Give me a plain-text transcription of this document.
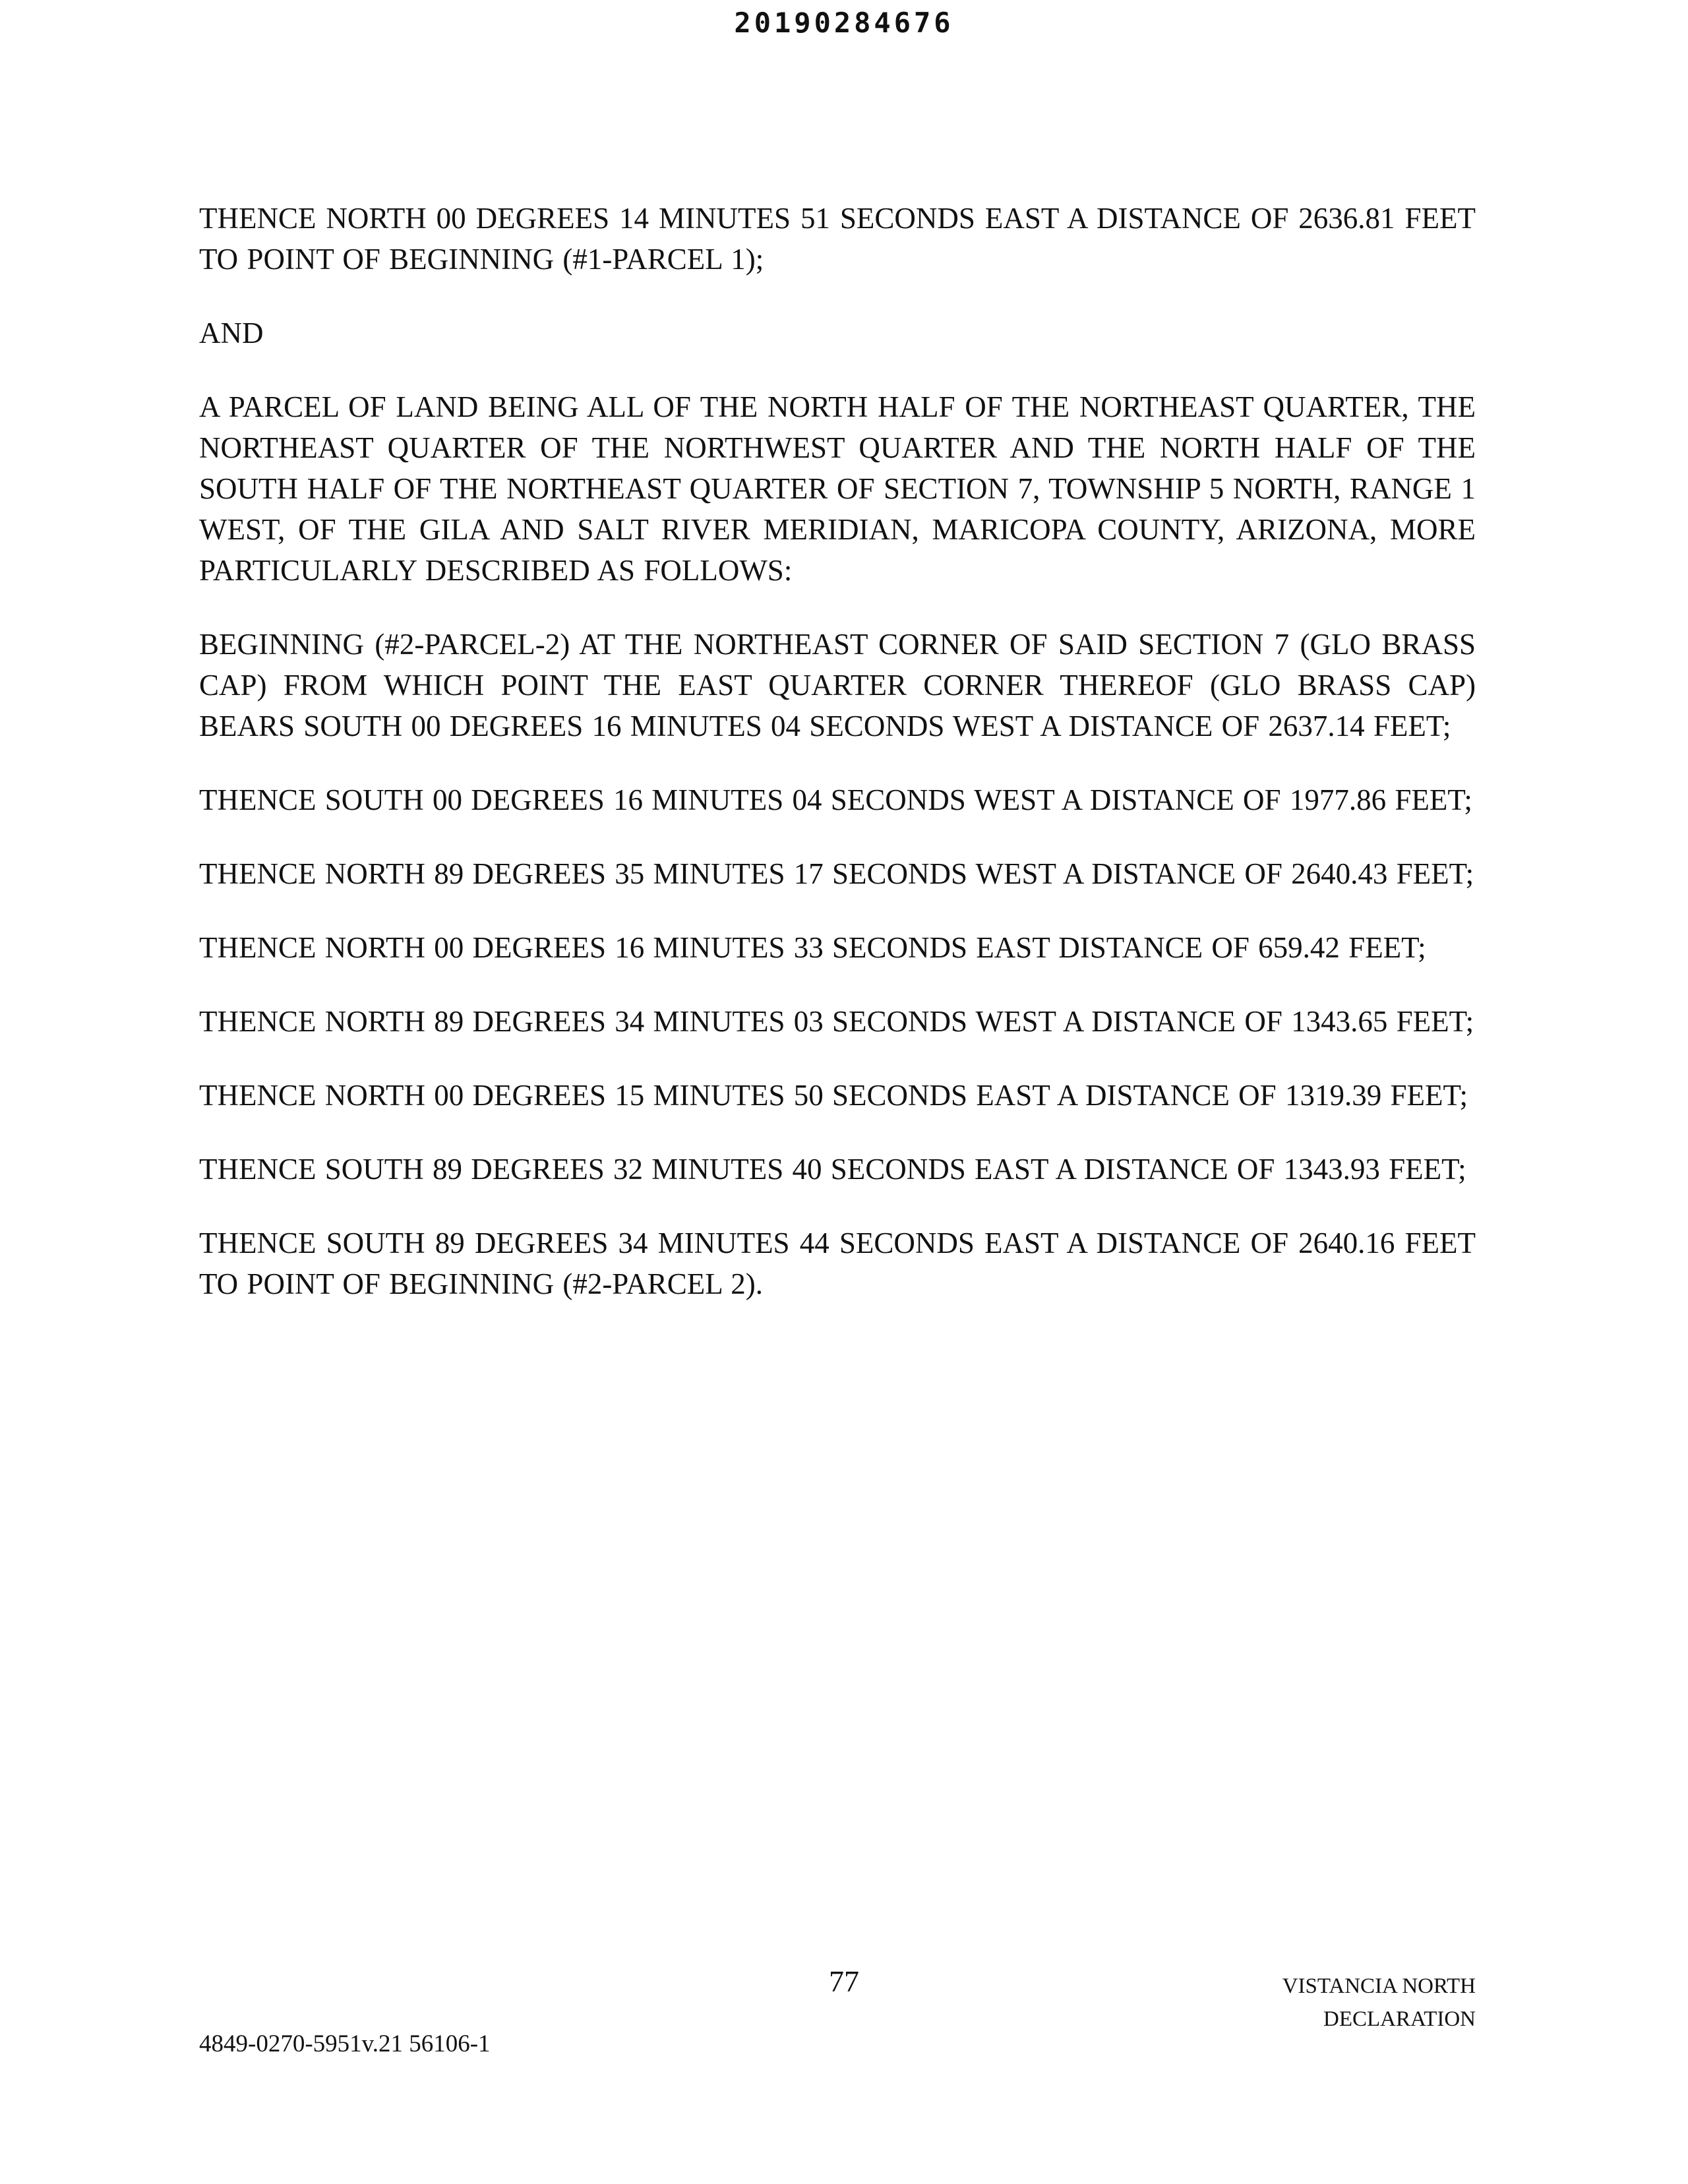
20190284676

THENCE NORTH 00 DEGREES 14 MINUTES 51 SECONDS EAST A DISTANCE OF 2636.81 FEET TO POINT OF BEGINNING (#1-PARCEL 1);

AND

A PARCEL OF LAND BEING ALL OF THE NORTH HALF OF THE NORTHEAST QUARTER, THE NORTHEAST QUARTER OF THE NORTHWEST QUARTER AND THE NORTH HALF OF THE SOUTH HALF OF THE NORTHEAST QUARTER OF SECTION 7, TOWNSHIP 5 NORTH, RANGE 1 WEST, OF THE GILA AND SALT RIVER MERIDIAN, MARICOPA COUNTY, ARIZONA, MORE PARTICULARLY DESCRIBED AS FOLLOWS:

BEGINNING (#2-PARCEL-2) AT THE NORTHEAST CORNER OF SAID SECTION 7 (GLO BRASS CAP) FROM WHICH POINT THE EAST QUARTER CORNER THEREOF (GLO BRASS CAP) BEARS SOUTH 00 DEGREES 16 MINUTES 04 SECONDS WEST A DISTANCE OF 2637.14 FEET;

THENCE SOUTH 00 DEGREES 16 MINUTES 04 SECONDS WEST A DISTANCE OF 1977.86 FEET;

THENCE NORTH 89 DEGREES 35 MINUTES 17 SECONDS WEST A DISTANCE OF 2640.43 FEET;

THENCE NORTH 00 DEGREES 16 MINUTES 33 SECONDS EAST DISTANCE OF 659.42 FEET;

THENCE NORTH 89 DEGREES 34 MINUTES 03 SECONDS WEST A DISTANCE OF 1343.65 FEET;

THENCE NORTH 00 DEGREES 15 MINUTES 50 SECONDS EAST A DISTANCE OF 1319.39 FEET;

THENCE SOUTH 89 DEGREES 32 MINUTES 40 SECONDS EAST A DISTANCE OF 1343.93 FEET;

THENCE SOUTH 89 DEGREES 34 MINUTES 44 SECONDS EAST A DISTANCE OF 2640.16 FEET TO POINT OF BEGINNING (#2-PARCEL 2).

77	VISTANCIA NORTH
DECLARATION

4849-0270-5951v.21 56106-1
